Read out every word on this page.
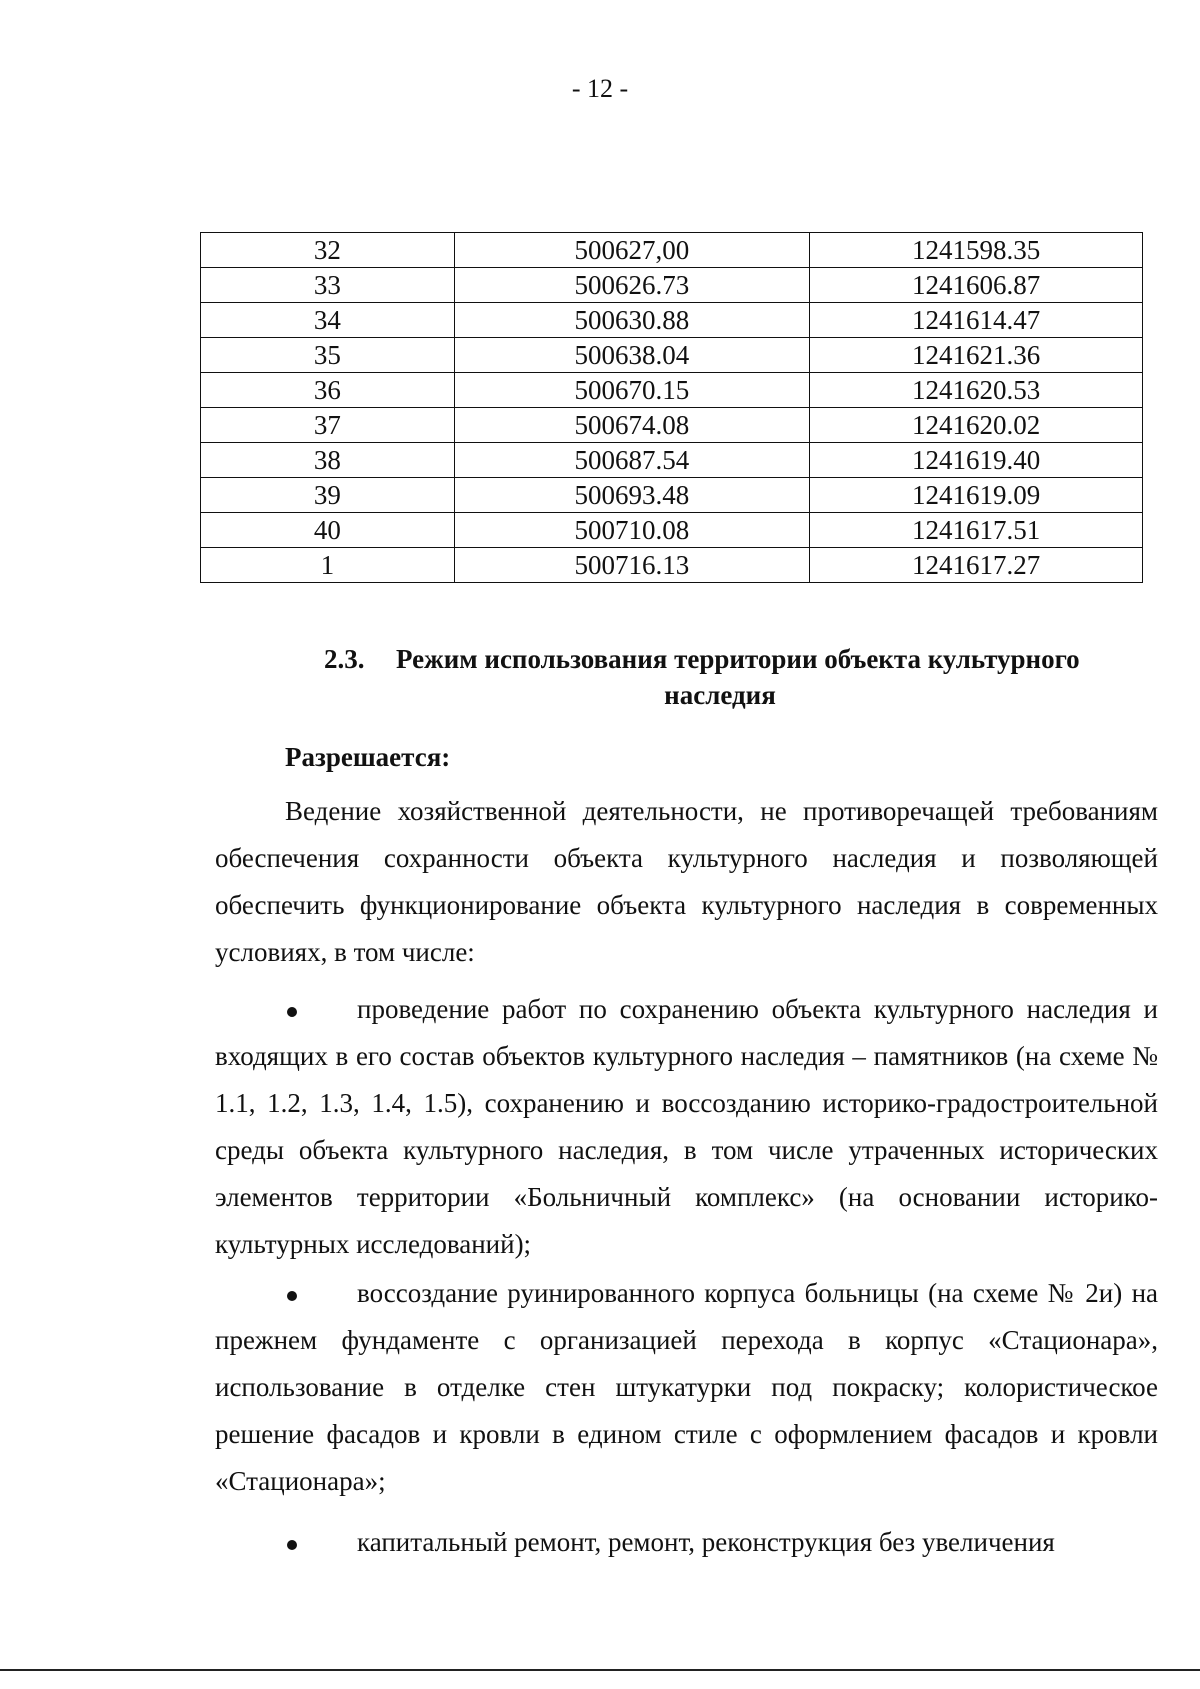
- 12 -
32	500627,00	1241598.35
33	500626.73	1241606.87
34	500630.88	1241614.47
35	500638.04	1241621.36
36	500670.15	1241620.53
37	500674.08	1241620.02
38	500687.54	1241619.40
39	500693.48	1241619.09
40	500710.08	1241617.51
1	500716.13	1241617.27
2.3. Режим использования территории объекта культурного
наследия
Разрешается:
Ведение хозяйственной деятельности, не противоречащей требованиям обеспечения сохранности объекта культурного наследия и позволяющей обеспечить функционирование объекта культурного наследия в современных условиях, в том числе:
проведение работ по сохранению объекта культурного наследия и входящих в его состав объектов культурного наследия – памятников (на схеме № 1.1, 1.2, 1.3, 1.4, 1.5), сохранению и воссозданию историко-градостроительной среды объекта культурного наследия, в том числе утраченных исторических элементов территории «Больничный комплекс» (на основании историко-культурных исследований);
воссоздание руинированного корпуса больницы (на схеме № 2и) на прежнем фундаменте с организацией перехода в корпус «Стационара», использование в отделке стен штукатурки под покраску; колористическое решение фасадов и кровли в едином стиле с оформлением фасадов и кровли «Стационара»;
капитальный ремонт, ремонт, реконструкция без увеличения
